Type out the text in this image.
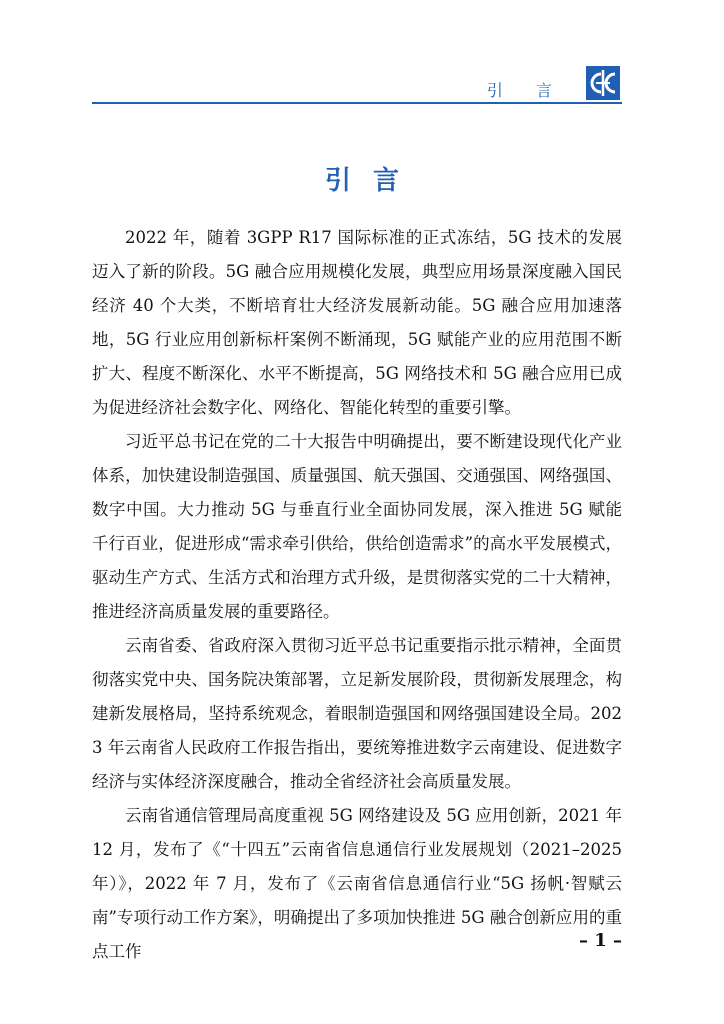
引 言
引言

2022 年，随着 3GPP R17 国际标准的正式冻结，5G 技术的发展迈入了新的阶段。5G 融合应用规模化发展，典型应用场景深度融入国民经济 40 个大类，不断培育壮大经济发展新动能。5G 融合应用加速落地，5G 行业应用创新标杆案例不断涌现，5G 赋能产业的应用范围不断扩大、程度不断深化、水平不断提高，5G 网络技术和 5G 融合应用已成为促进经济社会数字化、网络化、智能化转型的重要引擎。

习近平总书记在党的二十大报告中明确提出，要不断建设现代化产业体系，加快建设制造强国、质量强国、航天强国、交通强国、网络强国、数字中国。大力推动 5G 与垂直行业全面协同发展，深入推进 5G 赋能千行百业，促进形成“需求牵引供给，供给创造需求”的高水平发展模式，驱动生产方式、生活方式和治理方式升级，是贯彻落实党的二十大精神，推进经济高质量发展的重要路径。

云南省委、省政府深入贯彻习近平总书记重要指示批示精神，全面贯彻落实党中央、国务院决策部署，立足新发展阶段，贯彻新发展理念，构建新发展格局，坚持系统观念，着眼制造强国和网络强国建设全局。2023 年云南省人民政府工作报告指出，要统筹推进数字云南建设、促进数字经济与实体经济深度融合，推动全省经济社会高质量发展。

云南省通信管理局高度重视 5G 网络建设及 5G 应用创新，2021 年 12 月，发布了《“十四五”云南省信息通信行业发展规划（2021–2025 年）》，2022 年 7 月，发布了《云南省信息通信行业“5G 扬帆·智赋云南”专项行动工作方案》，明确提出了多项加快推进 5G 融合创新应用的重点工作

– 1 –
